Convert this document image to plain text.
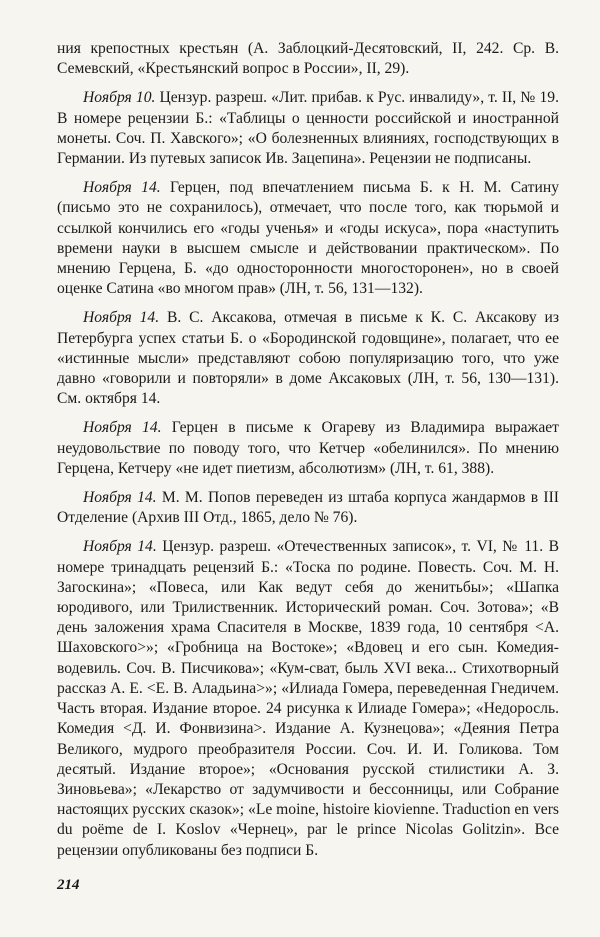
ния крепостных крестьян (А. Заблоцкий-Десятовский, II, 242. Ср. В. Семевский, «Крестьянский вопрос в России», II, 29).

Ноября 10. Цензур. разреш. «Лит. прибав. к Рус. инвалиду», т. II, № 19. В номере рецензии Б.: «Таблицы о ценности российской и иностранной монеты. Соч. П. Хавского»; «О болезненных влияниях, господствующих в Германии. Из путевых записок Ив. Зацепина». Рецензии не подписаны.

Ноября 14. Герцен, под впечатлением письма Б. к Н. М. Сатину (письмо это не сохранилось), отмечает, что после того, как тюрьмой и ссылкой кончились его «годы ученья» и «годы искуса», пора «наступить времени науки в высшем смысле и действовании практическом». По мнению Герцена, Б. «до односторонности многосторонен», но в своей оценке Сатина «во многом прав» (ЛН, т. 56, 131—132).

Ноября 14. В. С. Аксакова, отмечая в письме к К. С. Аксакову из Петербурга успех статьи Б. о «Бородинской годовщине», полагает, что ее «истинные мысли» представляют собою популяризацию того, что уже давно «говорили и повторяли» в доме Аксаковых (ЛН, т. 56, 130—131). См. октября 14.

Ноября 14. Герцен в письме к Огареву из Владимира выражает неудовольствие по поводу того, что Кетчер «обелинился». По мнению Герцена, Кетчеру «не идет пиетизм, абсолютизм» (ЛН, т. 61, 388).

Ноября 14. М. М. Попов переведен из штаба корпуса жандармов в III Отделение (Архив III Отд., 1865, дело № 76).

Ноября 14. Цензур. разреш. «Отечественных записок», т. VI, № 11. В номере тринадцать рецензий Б.: «Тоска по родине. Повесть. Соч. М. Н. Загоскина»; «Повеса, или Как ведут себя до женитьбы»; «Шапка юродивого, или Трилиственник. Исторический роман. Соч. Зотова»; «В день заложения храма Спасителя в Москве, 1839 года, 10 сентября <А. Шаховского>»; «Гробница на Востоке»; «Вдовец и его сын. Комедия-водевиль. Соч. В. Писчикова»; «Кум-сват, быль XVI века... Стихотворный рассказ А. Е. <Е. В. Аладьина>»; «Илиада Гомера, переведенная Гнедичем. Часть вторая. Издание второе. 24 рисунка к Илиаде Гомера»; «Недоросль. Комедия <Д. И. Фонвизина>. Издание А. Кузнецова»; «Деяния Петра Великого, мудрого преобразителя России. Соч. И. И. Голикова. Том десятый. Издание второе»; «Основания русской стилистики А. З. Зиновьева»; «Лекарство от задумчивости и бессонницы, или Собрание настоящих русских сказок»; «Le moine, histoire kiovienne. Traduction en vers du poëme de I. Koslov «Чернец», par le prince Nicolas Golitzin». Все рецензии опубликованы без подписи Б.

214
